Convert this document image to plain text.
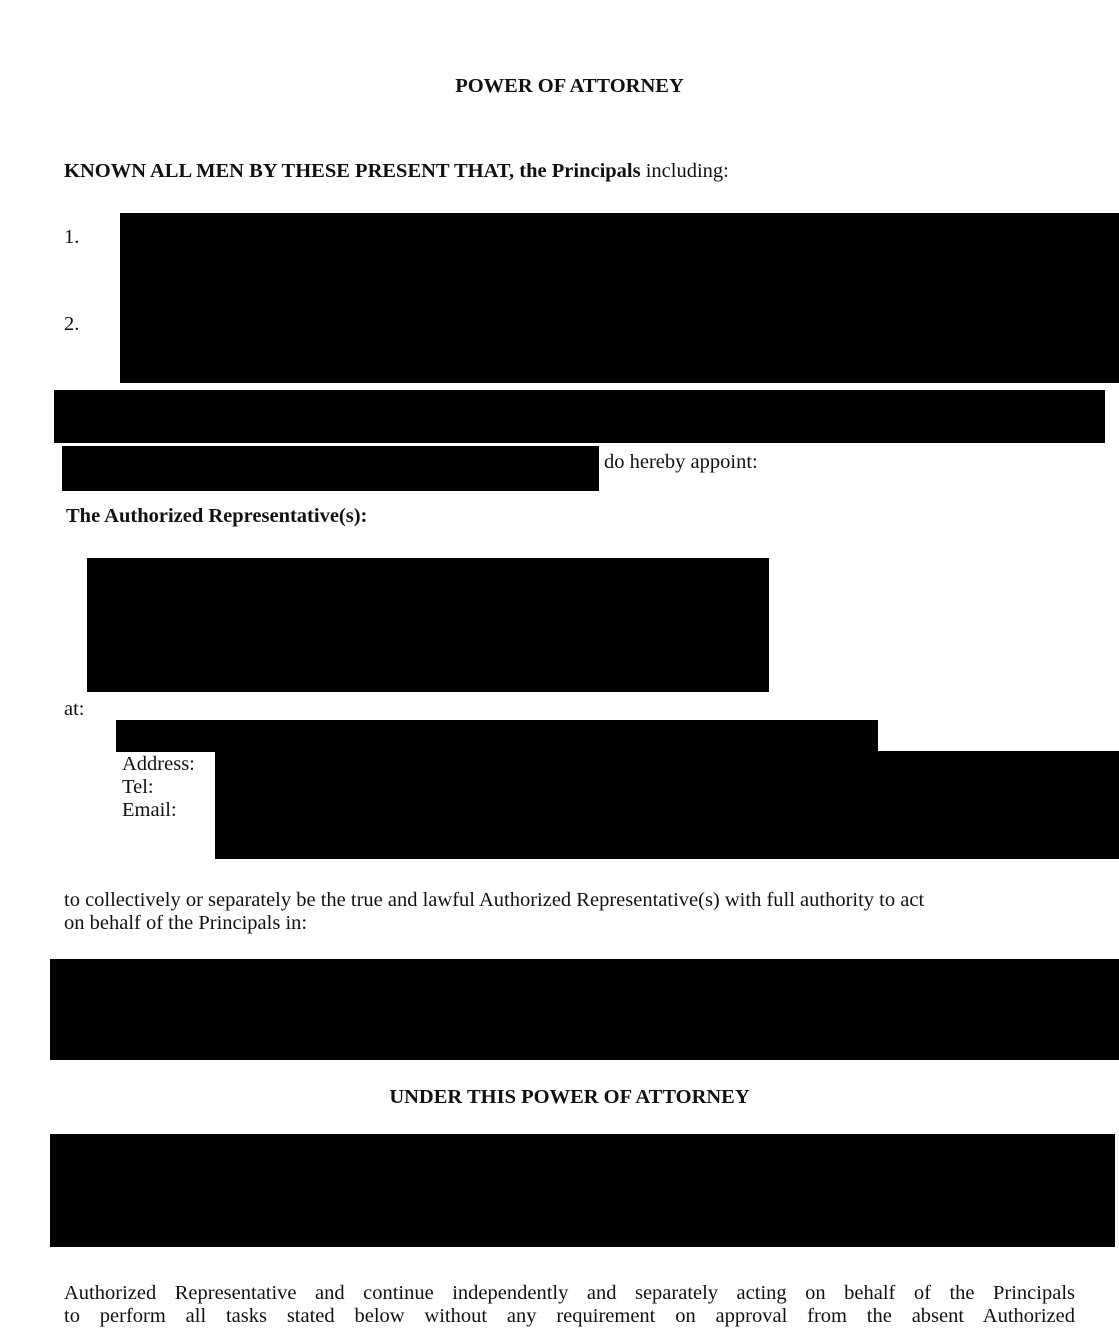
POWER OF ATTORNEY
KNOWN ALL MEN BY THESE PRESENT THAT, the Principals including:
1.
2.
do hereby appoint:
The Authorized Representative(s):
at:
Address:
Tel:
Email:
to collectively or separately be the true and lawful Authorized Representative(s) with full authority to act
on behalf of the Principals in:
UNDER THIS POWER OF ATTORNEY
Authorized Representative and continue independently and separately acting on behalf of the Principals
to perform all tasks stated below without any requirement on approval from the absent Authorized
